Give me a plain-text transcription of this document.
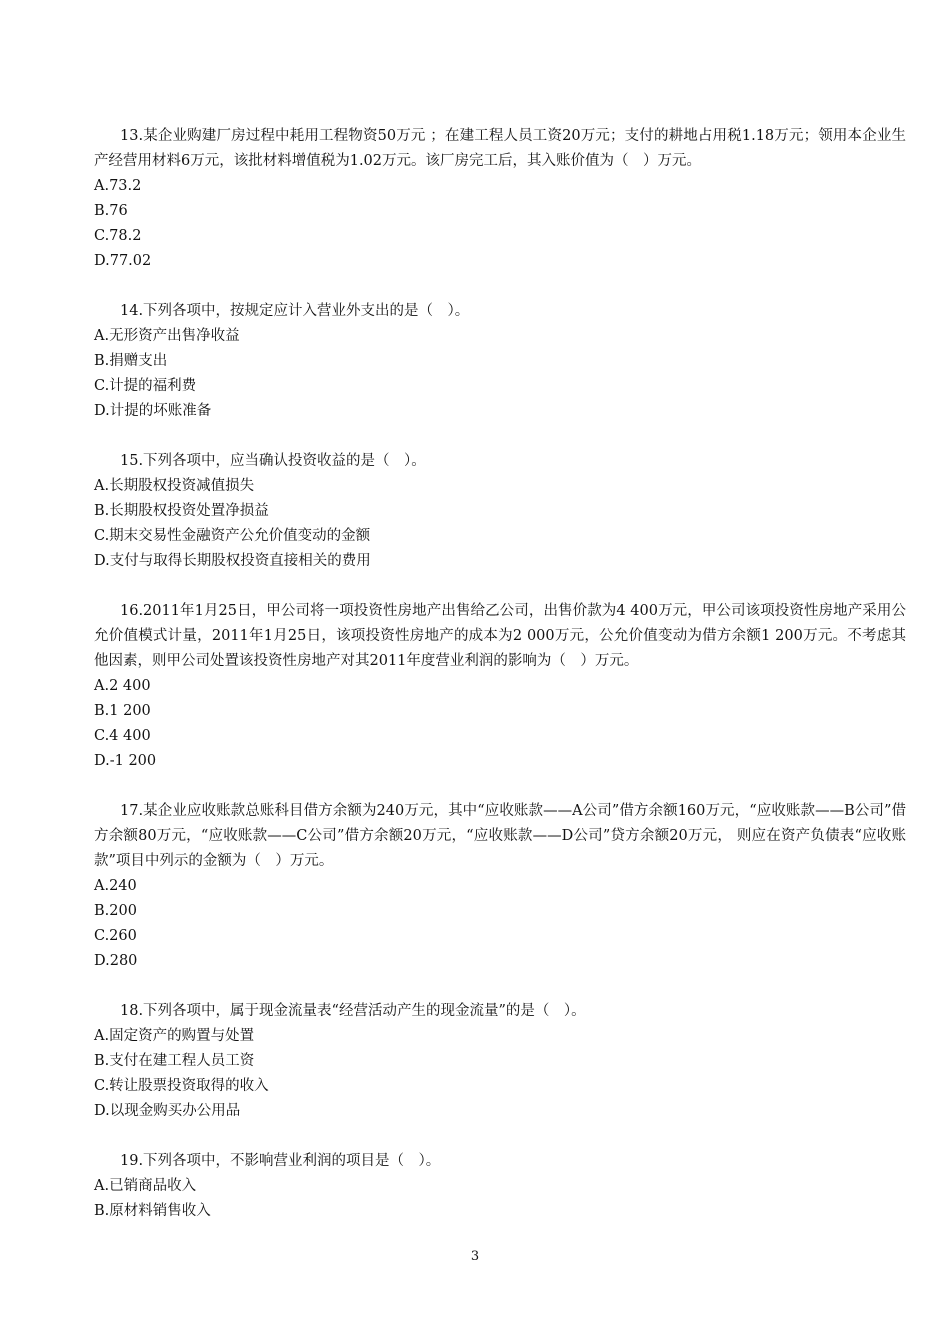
13.某企业购建厂房过程中耗用工程物资50万元 ；在建工程人员工资20万元；支付的耕地占用税1.18万元；领用本企业生产经营用材料6万元，该批材料增值税为1.02万元。该厂房完工后，其入账价值为（　）万元。

A.73.2

B.76

C.78.2

D.77.02

14.下列各项中，按规定应计入营业外支出的是（　）。

A.无形资产出售净收益

B.捐赠支出

C.计提的福利费

D.计提的坏账准备

15.下列各项中，应当确认投资收益的是（　）。

A.长期股权投资减值损失

B.长期股权投资处置净损益

C.期末交易性金融资产公允价值变动的金额

D.支付与取得长期股权投资直接相关的费用

16.2011年1月25日，甲公司将一项投资性房地产出售给乙公司，出售价款为4 400万元，甲公司该项投资性房地产采用公允价值模式计量，2011年1月25日，该项投资性房地产的成本为2 000万元，公允价值变动为借方余额1 200万元。不考虑其他因素，则甲公司处置该投资性房地产对其2011年度营业利润的影响为（　）万元。

A.2 400

B.1 200

C.4 400

D.-1 200

17.某企业应收账款总账科目借方余额为240万元，其中“应收账款——A公司”借方余额160万元，“应收账款——B公司”借方余额80万元，“应收账款——C公司”借方余额20万元，“应收账款——D公司”贷方余额20万元， 则应在资产负债表“应收账款”项目中列示的金额为（　）万元。

A.240

B.200

C.260

D.280

18.下列各项中，属于现金流量表“经营活动产生的现金流量”的是（　）。

A.固定资产的购置与处置

B.支付在建工程人员工资

C.转让股票投资取得的收入

D.以现金购买办公用品

19.下列各项中，不影响营业利润的项目是（　）。

A.已销商品收入

B.原材料销售收入

3
